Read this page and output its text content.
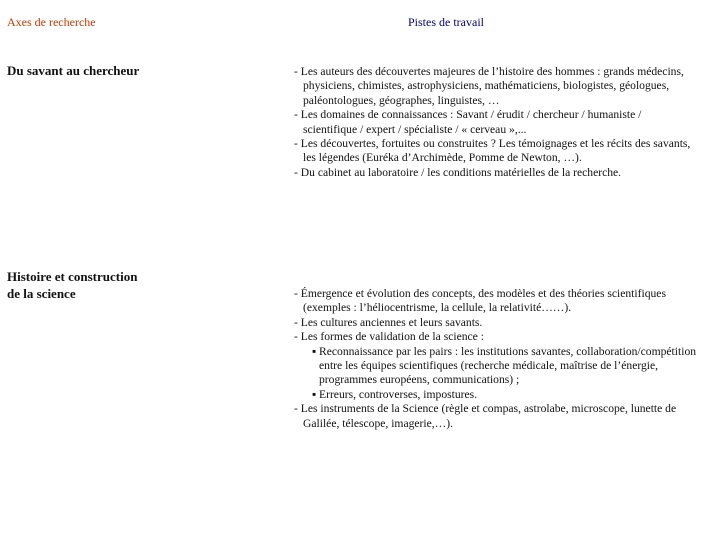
Axes de recherche	Pistes de travail
Du savant au chercheur	- Les auteurs des découvertes majeures de l’histoire des hommes : grands médecins,
physiciens, chimistes, astrophysiciens, mathématiciens, biologistes, géologues,
paléontologues, géographes, linguistes, …
- Les domaines de connaissances : Savant / érudit / chercheur / humaniste /
scientifique / expert / spécialiste / « cerveau »,...
- Les découvertes, fortuites ou construites ? Les témoignages et les récits des savants,
les légendes (Euréka d’Archimède, Pomme de Newton, …).
- Du cabinet au laboratoire / les conditions matérielles de la recherche.
Histoire et construction
de la science	- Émergence et évolution des concepts, des modèles et des théories scientifiques
(exemples : l’héliocentrisme, la cellule, la relativité……).
- Les cultures anciennes et leurs savants.
- Les formes de validation de la science :
▪ Reconnaissance par les pairs : les institutions savantes, collaboration/compétition
entre les équipes scientifiques (recherche médicale, maîtrise de l’énergie,
programmes européens, communications) ;
▪ Erreurs, controverses, impostures.
- Les instruments de la Science (règle et compas, astrolabe, microscope, lunette de
Galilée, télescope, imagerie,…).
